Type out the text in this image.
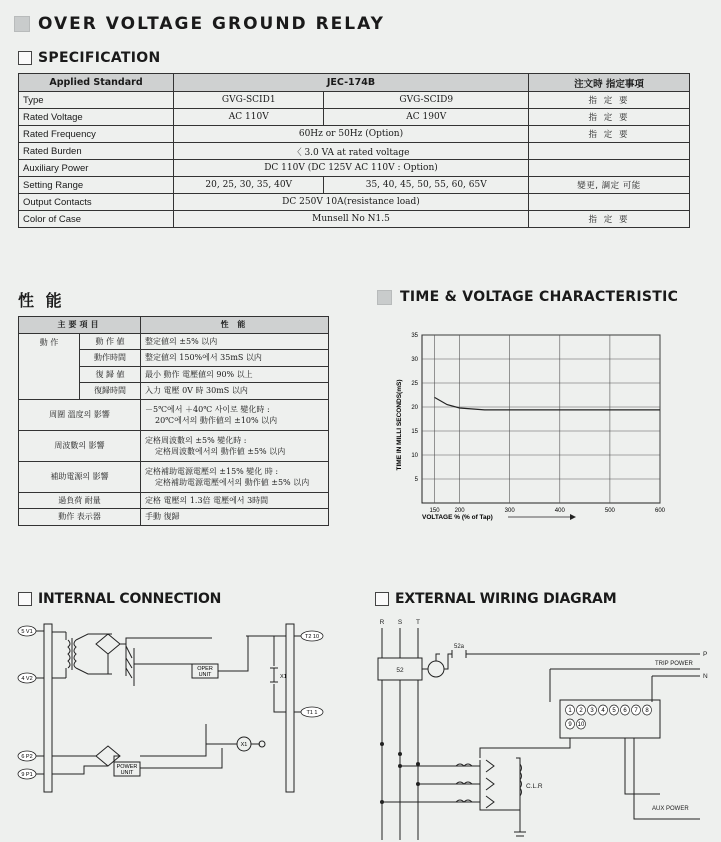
OVER VOLTAGE GROUND RELAY
SPECIFICATION
Applied Standard	JEC-174B		注文時 指定事項
Type	GVG-SCID1	GVG-SCID9	指 定 要
Rated Voltage	AC 110V	AC 190V	指 定 要
Rated Frequency	60Hz or 50Hz (Option)		指 定 要
Rated Burden	〈 3.0 VA at rated voltage		
Auxiliary Power	DC 110V (DC 125V AC 110V : Option)		
Setting Range	20, 25, 30, 35, 40V	35, 40, 45, 50, 55, 60, 65V	變更, 調定 可能
Output Contacts	DC 250V 10A(resistance load)		
Color of Case	Munsell No N1.5		指 定 要
性 能
主要項目		性 能
動 作	動 作 値	整定値의 ±5% 以内
	動作時間	整定値의 150%에서 35mS 以内
	復 歸 値	最小 動作 電壓値의 90% 以上
	復歸時間	入力 電壓 0V 時 30mS 以内
周圍 溫度의 影響		－5℃에서 ＋40℃ 사이로 變化時 :
20℃에서의 動作値의 ±10% 以内

周波數의 影響		定格周波數의 ±5% 變化時 :
定格周波數에서의 動作値 ±5% 以内

補助電源의 影響		定格補助電源電壓의 ±15% 變化 時 :
定格補助電源電壓에서의 動作値 ±5% 以内

過負荷 耐量		定格 電壓의 1.3倍 電壓에서 3時間
動作 表示器		手動 復歸
TIME & VOLTAGE CHARACTERISTIC
5
10
15
20
25
30
35
150	200	300	400	500	600
TIME IN MILLI SECONDS(mS)
VOLTAGE % (% of Tap)
INTERNAL CONNECTION
5 V1
4 V2
6 P2
9 P1
T2 10
T1 1
OPER
UNIT
POWER
UNIT
X1
X1
EXTERNAL WIRING DIAGRAM
R S T
52
52a
TRIP POWER
P
N
AUX POWER
C.L.R
1 2 3 4 5 6 7 8
9 10
